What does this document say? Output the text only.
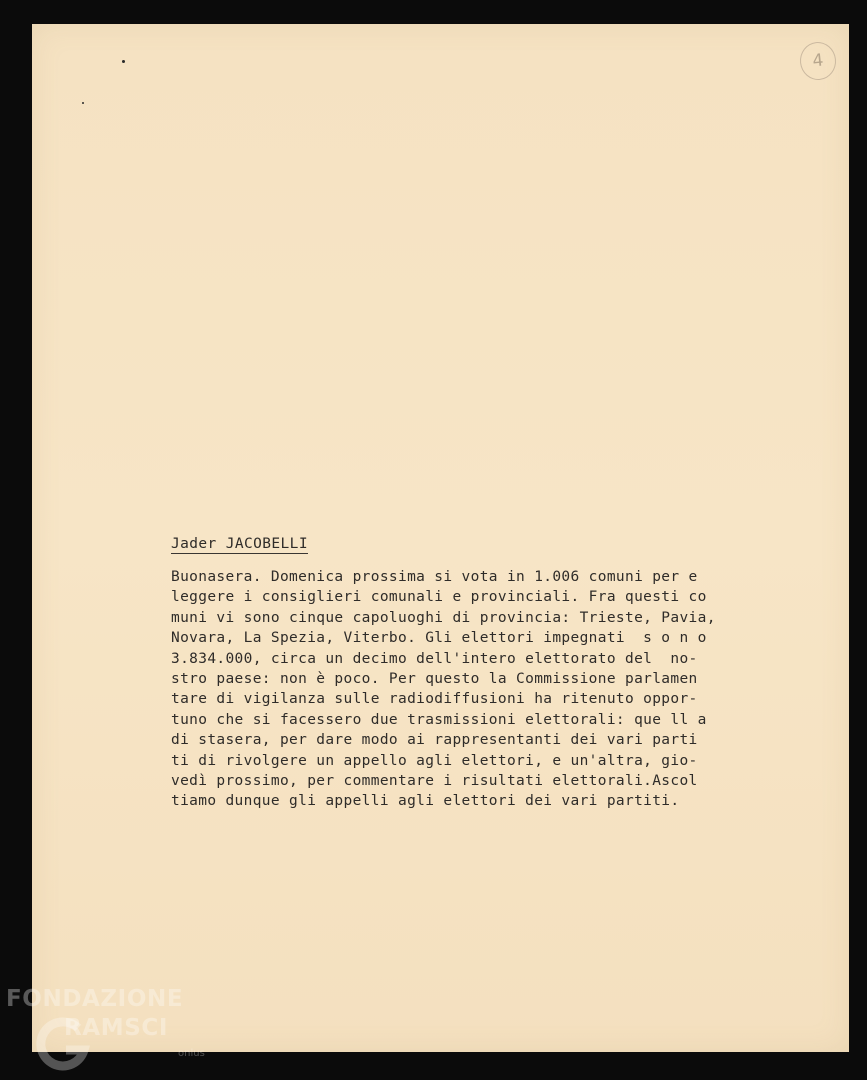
4
Jader JACOBELLI
Buonasera. Domenica prossima si vota in 1.006 comuni per e
leggere i consiglieri comunali e provinciali. Fra questi co
muni vi sono cinque capoluoghi di provincia: Trieste, Pavia,
Novara, La Spezia, Viterbo. Gli elettori impegnati  s o n o
3.834.000, circa un decimo dell'intero elettorato del  no-
stro paese: non è poco. Per questo la Commissione parlamen
tare di vigilanza sulle radiodiffusioni ha ritenuto oppor-
tuno che si facessero due trasmissioni elettorali: que ll a
di stasera, per dare modo ai rappresentanti dei vari parti
ti di rivolgere un appello agli elettori, e un'altra, gio-
vedì prossimo, per commentare i risultati elettorali.Ascol
tiamo dunque gli appelli agli elettori dei vari partiti.
FONDAZIONE
RAMSCI
onlus
